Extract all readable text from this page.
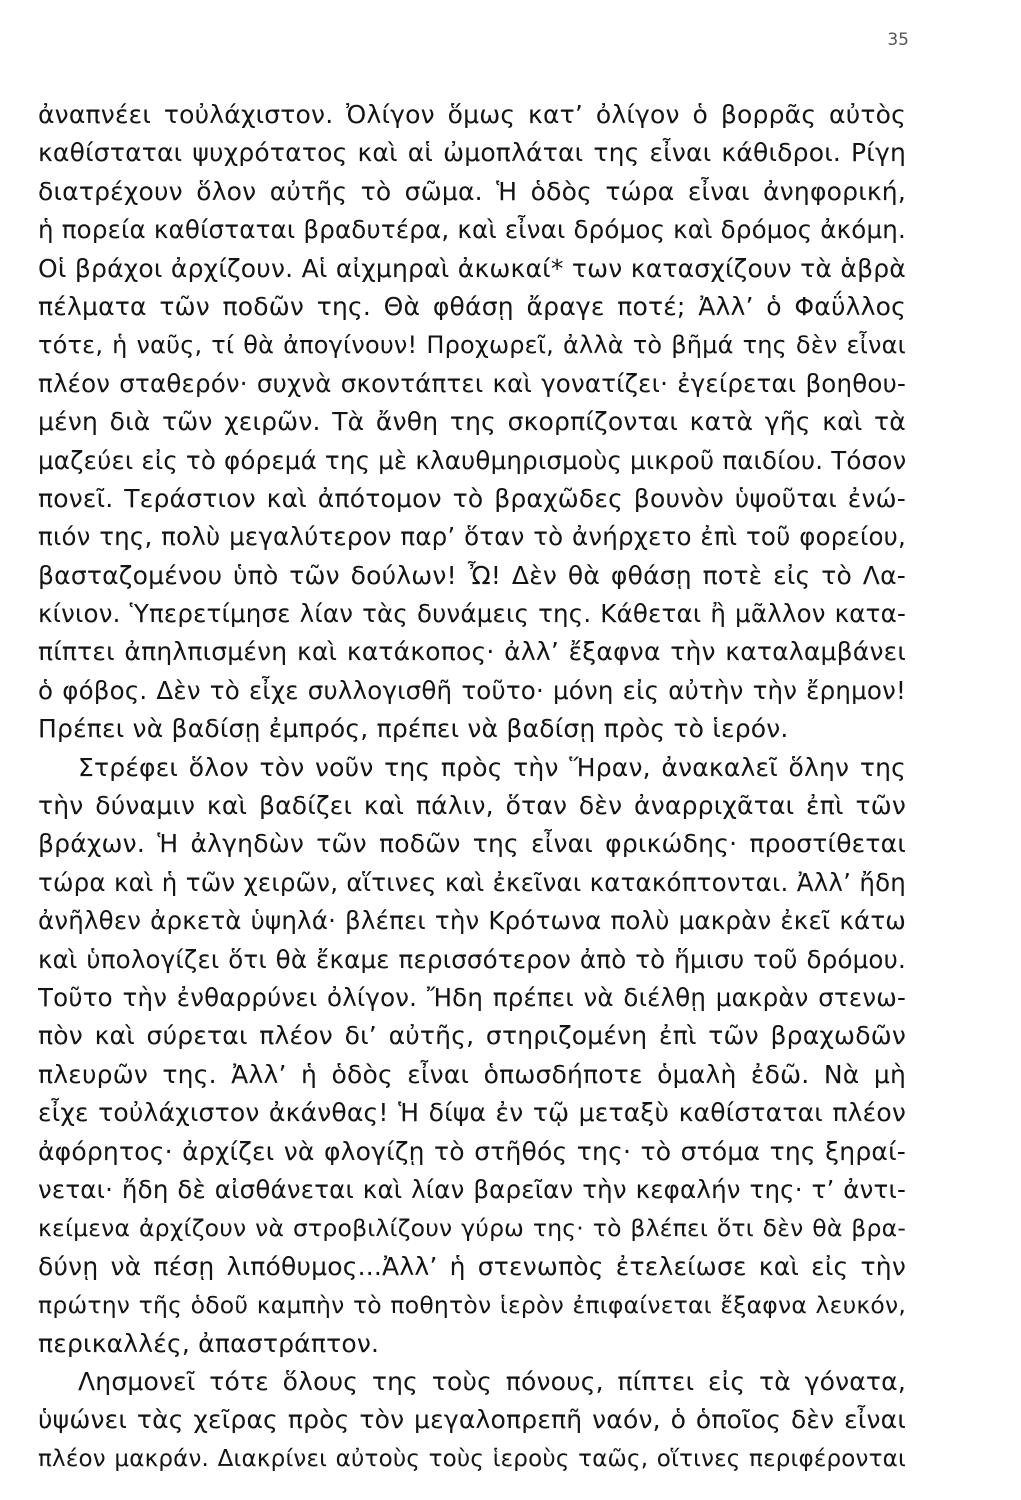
35
ἀναπνέει τοὐλάχιστον. Ὀλίγον ὅμως κατ’ ὀλίγον ὁ βορρᾶς αὐτὸς
καθίσταται ψυχρότατος καὶ αἱ ὠμοπλάται της εἶναι κάθιδροι. Ρίγη
διατρέχουν ὅλον αὐτῆς τὸ σῶμα. Ἡ ὁδὸς τώρα εἶναι ἀνηφορική,
ἡ πορεία καθίσταται βραδυτέρα, καὶ εἶναι δρόμος καὶ δρόμος ἀκόμη.
Οἱ βράχοι ἀρχίζουν. Αἱ αἰχμηραὶ ἀκωκαί* των κατασχίζουν τὰ ἁβρὰ
πέλματα τῶν ποδῶν της. Θὰ φθάσῃ ἄραγε ποτέ; Ἀλλ’ ὁ Φαΰλλος
τότε, ἡ ναῦς, τί θὰ ἀπογίνουν! Προχωρεῖ, ἀλλὰ τὸ βῆμά της δὲν εἶναι
πλέον σταθερόν· συχνὰ σκοντάπτει καὶ γονατίζει· ἐγείρεται βοηθου-
μένη διὰ τῶν χειρῶν. Τὰ ἄνθη της σκορπίζονται κατὰ γῆς καὶ τὰ
μαζεύει εἰς τὸ φόρεμά της μὲ κλαυθμηρισμοὺς μικροῦ παιδίου. Τόσον
πονεῖ. Τεράστιον καὶ ἀπότομον τὸ βραχῶδες βουνὸν ὑψοῦται ἐνώ-
πιόν της, πολὺ μεγαλύτερον παρ’ ὅταν τὸ ἀνήρχετο ἐπὶ τοῦ φορείου,
βασταζομένου ὑπὸ τῶν δούλων! Ὦ! Δὲν θὰ φθάσῃ ποτὲ εἰς τὸ Λα-
κίνιον. Ὑπερετίμησε λίαν τὰς δυνάμεις της. Κάθεται ἢ μᾶλλον κατα-
πίπτει ἀπηλπισμένη καὶ κατάκοπος· ἀλλ’ ἔξαφνα τὴν καταλαμβάνει
ὁ φόβος. Δὲν τὸ εἶχε συλλογισθῆ τοῦτο· μόνη εἰς αὐτὴν τὴν ἔρημον!
Πρέπει νὰ βαδίσῃ ἐμπρός, πρέπει νὰ βαδίσῃ πρὸς τὸ ἱερόν.
Στρέφει ὅλον τὸν νοῦν της πρὸς τὴν Ἥραν, ἀνακαλεῖ ὅλην της
τὴν δύναμιν καὶ βαδίζει καὶ πάλιν, ὅταν δὲν ἀναρριχᾶται ἐπὶ τῶν
βράχων. Ἡ ἀλγηδὼν τῶν ποδῶν της εἶναι φρικώδης· προστίθεται
τώρα καὶ ἡ τῶν χειρῶν, αἵτινες καὶ ἐκεῖναι κατακόπτονται. Ἀλλ’ ἤδη
ἀνῆλθεν ἀρκετὰ ὑψηλά· βλέπει τὴν Κρότωνα πολὺ μακρὰν ἐκεῖ κάτω
καὶ ὑπολογίζει ὅτι θὰ ἔκαμε περισσότερον ἀπὸ τὸ ἥμισυ τοῦ δρόμου.
Τοῦτο τὴν ἐνθαρρύνει ὀλίγον. Ἤδη πρέπει νὰ διέλθῃ μακρὰν στενω-
πὸν καὶ σύρεται πλέον δι’ αὐτῆς, στηριζομένη ἐπὶ τῶν βραχωδῶν
πλευρῶν της. Ἀλλ’ ἡ ὁδὸς εἶναι ὁπωσδήποτε ὁμαλὴ ἐδῶ. Νὰ μὴ
εἶχε τοὐλάχιστον ἀκάνθας! Ἡ δίψα ἐν τῷ μεταξὺ καθίσταται πλέον
ἀφόρητος· ἀρχίζει νὰ φλογίζῃ τὸ στῆθός της· τὸ στόμα της ξηραί-
νεται· ἤδη δὲ αἰσθάνεται καὶ λίαν βαρεῖαν τὴν κεφαλήν της· τ’ ἀντι-
κείμενα ἀρχίζουν νὰ στροβιλίζουν γύρω της· τὸ βλέπει ὅτι δὲν θὰ βρα-
δύνῃ νὰ πέσῃ λιπόθυμος...Ἀλλ’ ἡ στενωπὸς ἐτελείωσε καὶ εἰς τὴν
πρώτην τῆς ὁδοῦ καμπὴν τὸ ποθητὸν ἱερὸν ἐπιφαίνεται ἔξαφνα λευκόν,
περικαλλές, ἀπαστράπτον.
Λησμονεῖ τότε ὅλους της τοὺς πόνους, πίπτει εἰς τὰ γόνατα,
ὑψώνει τὰς χεῖρας πρὸς τὸν μεγαλοπρεπῆ ναόν, ὁ ὁποῖος δὲν εἶναι
πλέον μακράν. Διακρίνει αὐτοὺς τοὺς ἱεροὺς ταῶς, οἵτινες περιφέρονται
